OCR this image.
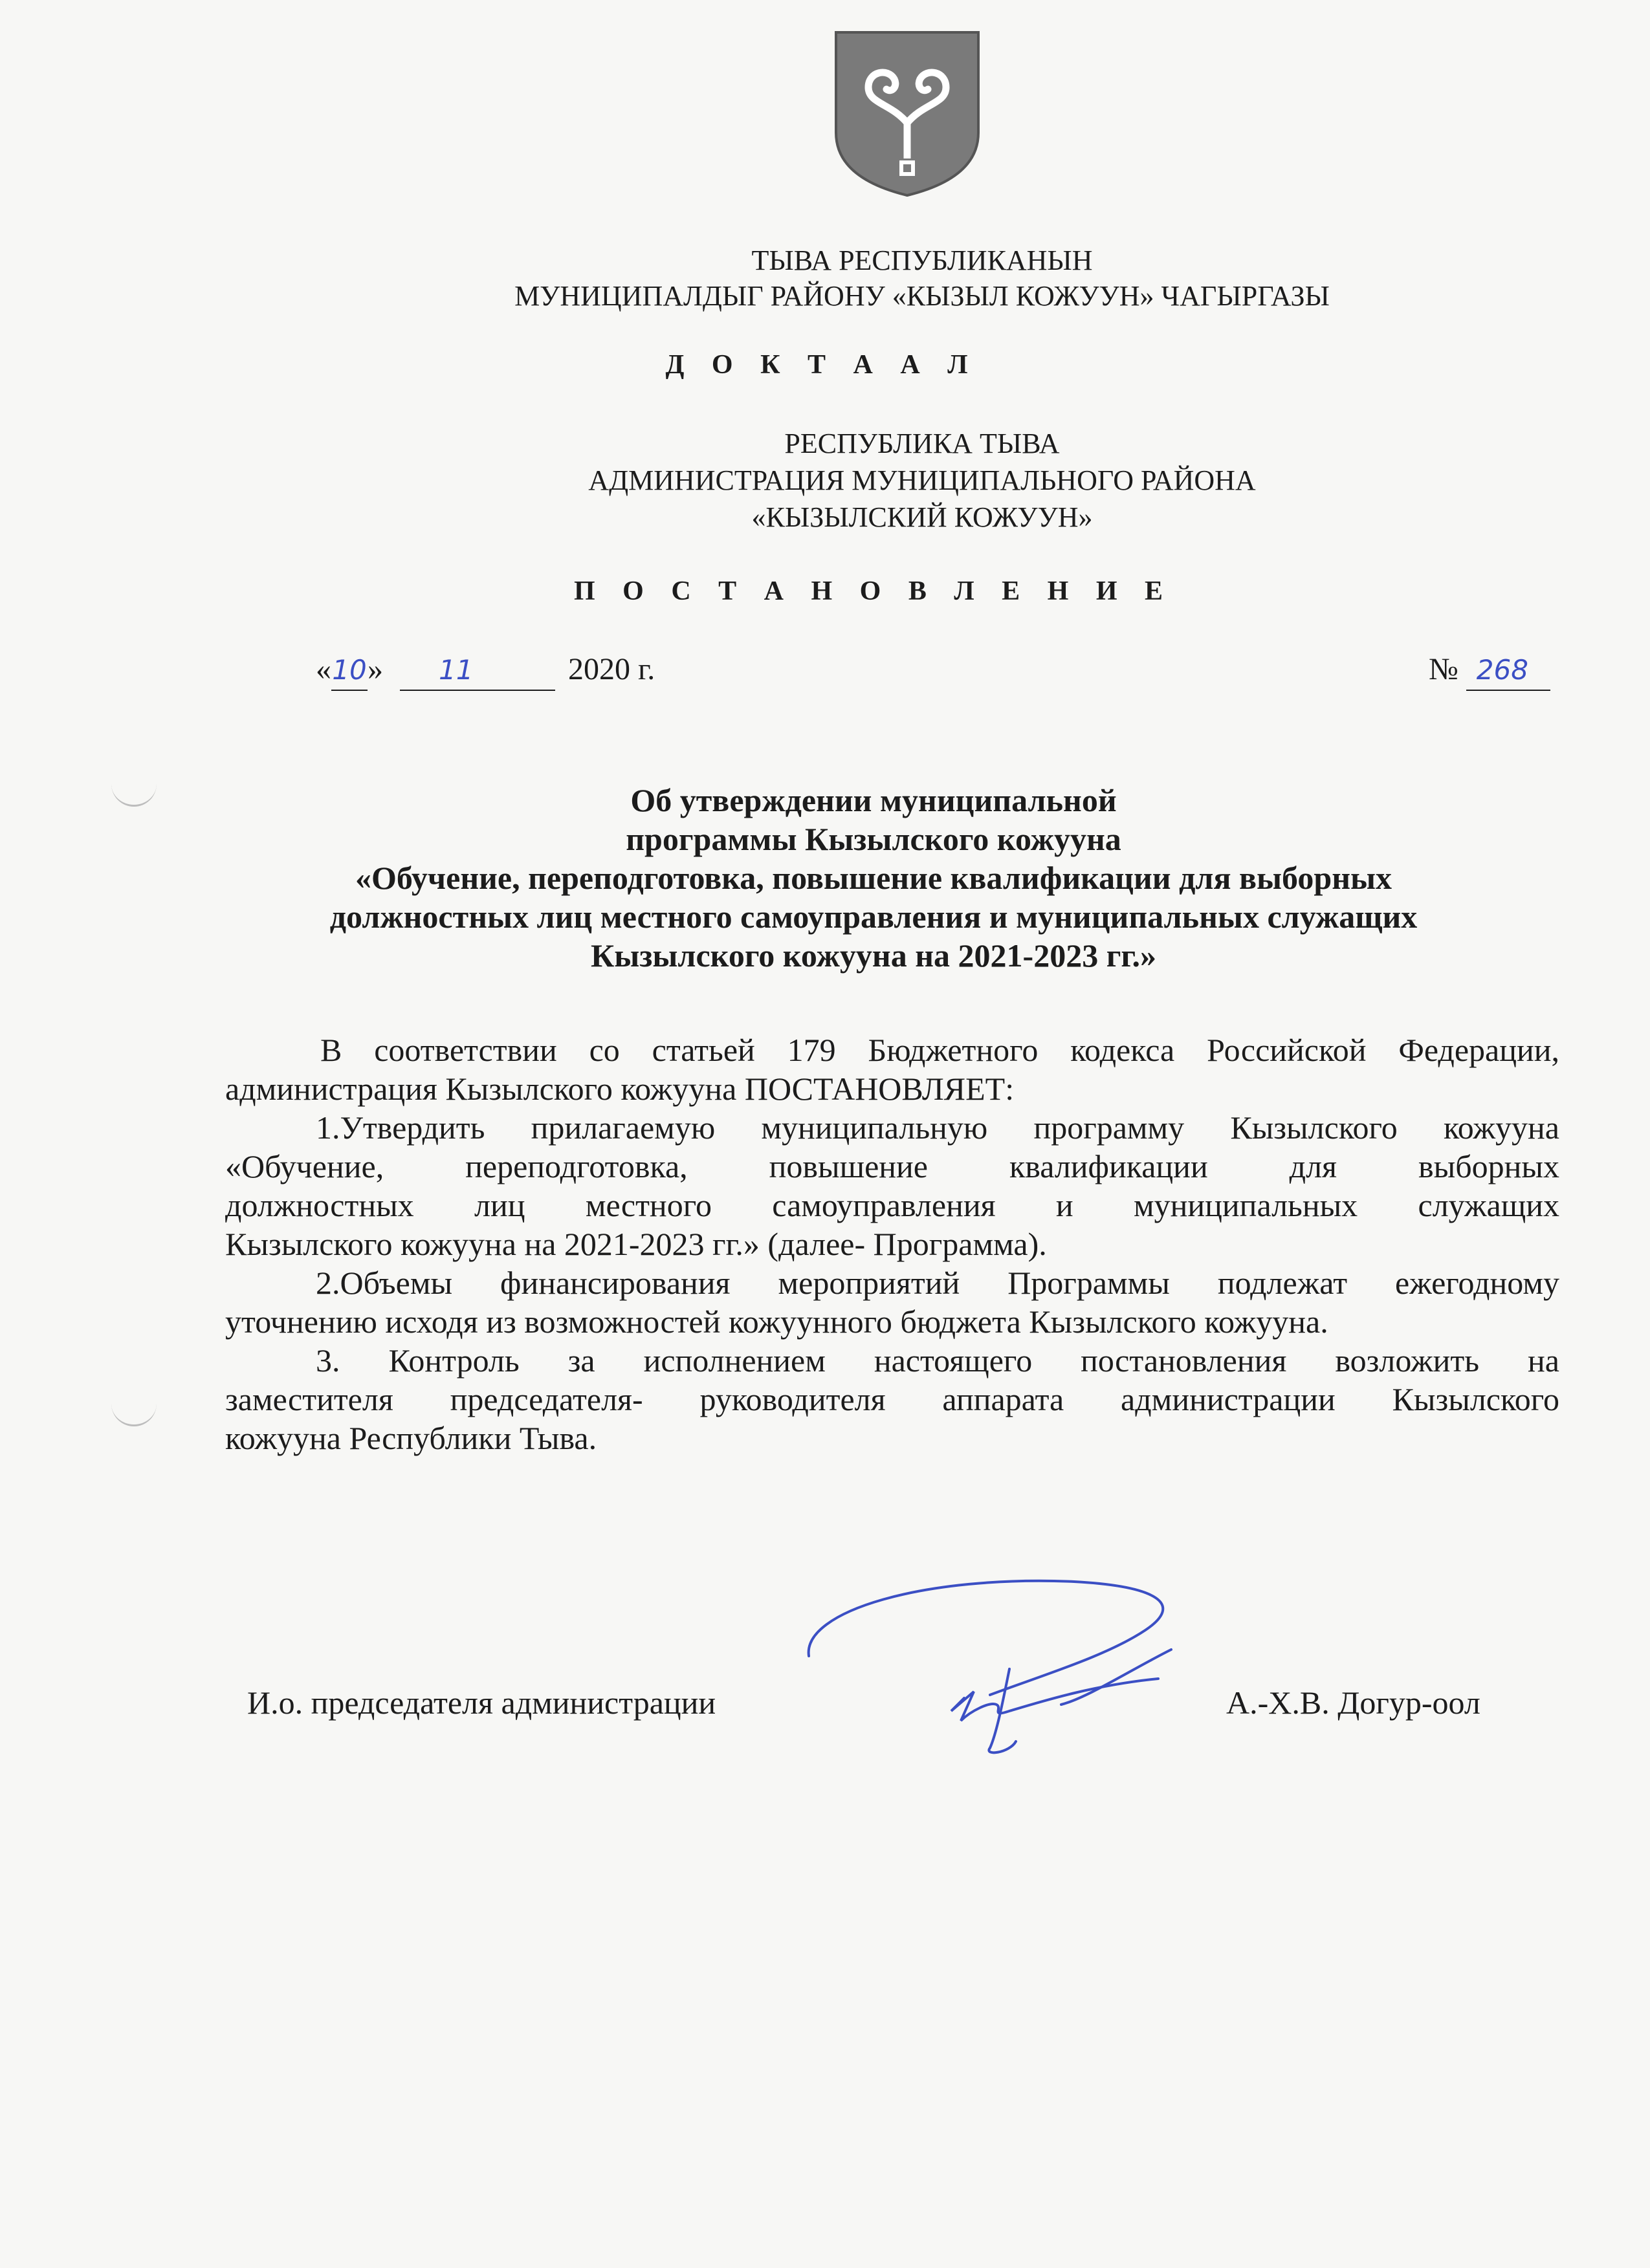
ТЫВА РЕСПУБЛИКАНЫН
МУНИЦИПАЛДЫГ РАЙОНУ «КЫЗЫЛ КОЖУУН» ЧАГЫРГАЗЫ
Д О К Т А А Л
РЕСПУБЛИКА ТЫВА
АДМИНИСТРАЦИЯ МУНИЦИПАЛЬНОГО РАЙОНА
«КЫЗЫЛСКИЙ КОЖУУН»
П О С Т А Н О В Л Е Н И Е
«10» 11	2020 г.	№ 268
Об утверждении муниципальной
программы Кызылского кожууна
«Обучение, переподготовка, повышение квалификации для выборных
должностных лиц местного самоуправления и муниципальных служащих
Кызылского кожууна на 2021-2023 гг.»
В соответствии со статьей 179 Бюджетного кодекса Российской Федерации,
администрация Кызылского кожууна ПОСТАНОВЛЯЕТ:
1.Утвердить прилагаемую муниципальную программу Кызылского кожууна
«Обучение, переподготовка, повышение квалификации для выборных
должностных лиц местного самоуправления и муниципальных служащих
Кызылского кожууна на 2021-2023 гг.» (далее- Программа).
2.Объемы финансирования мероприятий Программы подлежат ежегодному
уточнению исходя из возможностей кожуунного бюджета Кызылского кожууна.
3. Контроль за исполнением настоящего постановления возложить на
заместителя председателя- руководителя аппарата администрации Кызылского
кожууна Республики Тыва.
И.о. председателя администрации	А.-Х.В. Догур-оол
